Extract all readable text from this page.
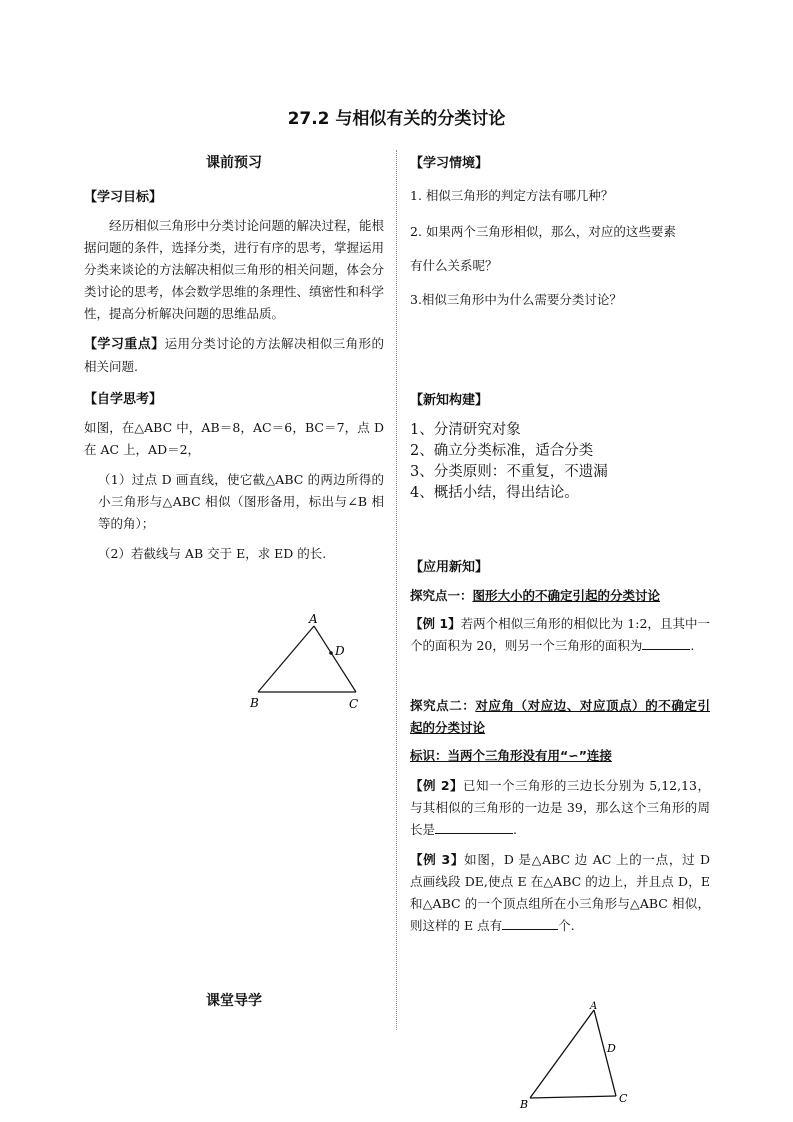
27.2 与相似有关的分类讨论
课前预习
【学习目标】
经历相似三角形中分类讨论问题的解决过程，能根据问题的条件，选择分类，进行有序的思考，掌握运用分类来谈论的方法解决相似三角形的相关问题，体会分类讨论的思考，体会数学思维的条理性、缜密性和科学性，提高分析解决问题的思维品质。
【学习重点】运用分类讨论的方法解决相似三角形的相关问题.
【自学思考】
如图，在△ABC 中，AB＝8，AC＝6，BC＝7，点 D 在 AC 上，AD＝2，
（1）过点 D 画直线，使它截△ABC 的两边所得的小三角形与△ABC 相似（图形备用，标出与∠B 相等的角）；
（2）若截线与 AB 交于 E，求 ED 的长.
A
D
B	C
课堂导学
【学习情境】
1. 相似三角形的判定方法有哪几种？
2. 如果两个三角形相似，那么，对应的这些要素
有什么关系呢？
3.相似三角形中为什么需要分类讨论？
【新知构建】
1、分清研究对象
2、确立分类标准，适合分类
3、分类原则：不重复，不遗漏
4、概括小结，得出结论。
【应用新知】
探究点一：图形大小的不确定引起的分类讨论
【例 1】若两个相似三角形的相似比为 1:2，且其中一个的面积为 20，则另一个三角形的面积为	.
探究点二：对应角（对应边、对应顶点）的不确定引起的分类讨论
标识：当两个三角形没有用“∽”连接
【例 2】已知一个三角形的三边长分别为 5,12,13，与其相似的三角形的一边是 39，那么这个三角形的周长是	.
【例 3】如图，D 是△ABC 边 AC 上的一点，过 D 点画线段 DE,使点 E 在△ABC 的边上，并且点 D，E 和△ABC 的一个顶点组所在小三角形与△ABC 相似，则这样的 E 点有	个.
A
D
B	C
